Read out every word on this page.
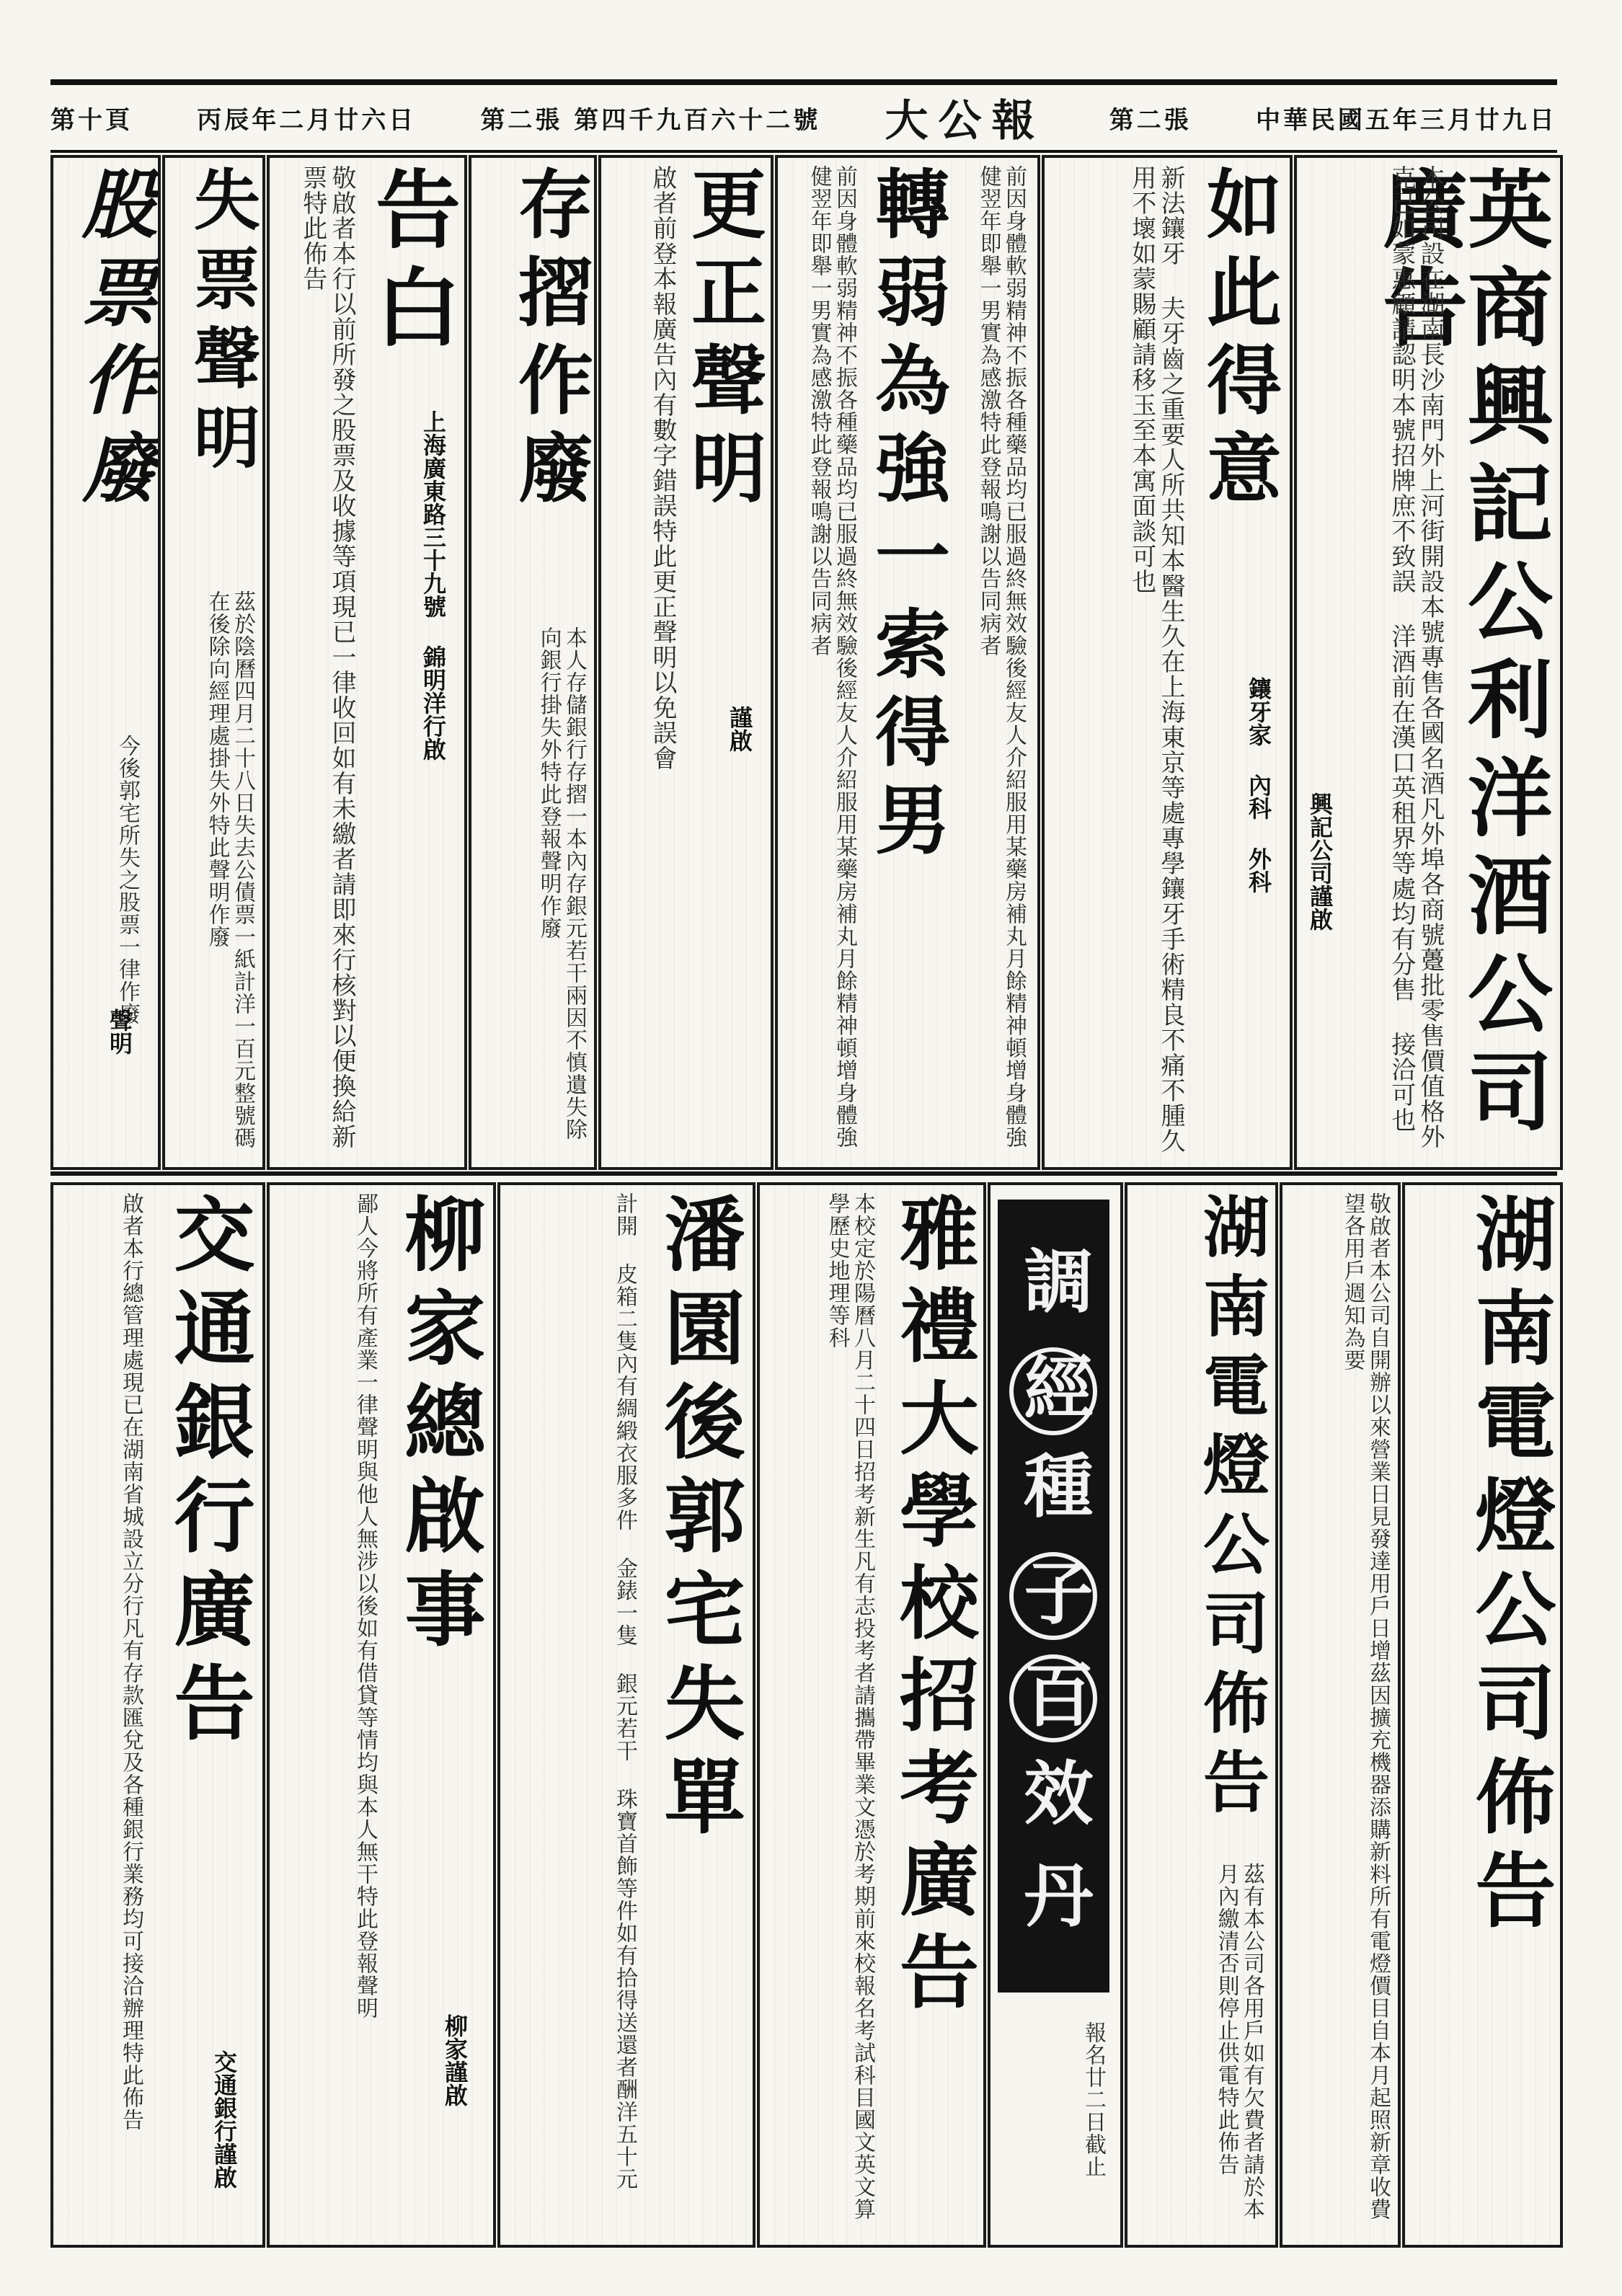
中華民國五年三月廿九日
第二張
大公報
第二張 第四千九百六十二號
丙辰年二月廿六日
第十頁
英商興記公利洋酒公司廣告
本公司設在湖南長沙南門外上河街開設本號專售各國名酒凡外埠各商號躉批零售價值格外克己如蒙惠顧請認明本號招牌庶不致誤 洋酒前在漢口英租界等處均有分售 接洽可也
興記公司謹啟
如此得意
新法鑲牙 夫牙齒之重要人所共知本醫生久在上海東京等處專學鑲牙手術精良不痛不腫久用不壞如蒙賜顧請移玉至本寓面談可也
鑲牙家 內科 外科
轉弱為強一索得男	前因身體軟弱精神不振各種藥品均已服過終無效驗後經友人介紹服用某藥房補丸月餘精神頓增身體強健翌年即舉一男實為感激特此登報鳴謝以告同病者
前因身體軟弱精神不振各種藥品均已服過終無效驗後經友人介紹服用某藥房補丸月餘精神頓增身體強健翌年即舉一男實為感激特此登報鳴謝以告同病者
更正聲明
啟者前登本報廣告內有數字錯誤特此更正聲明以免誤會 謹啟
存摺作廢
本人存儲銀行存摺一本內存銀元若干兩因不慎遺失除向銀行掛失外特此登報聲明作廢
告白
敬啟者本行以前所發之股票及收據等項現已一律收回如有未繳者請即來行核對以便換給新票特此佈告
上海廣東路三十九號 錦明洋行啟
失票聲明
茲於陰曆四月二十八日失去公債票一紙計洋一百元整號碼在後除向經理處掛失外特此聲明作廢
股票作廢
今後郭宅所失之股票一律作廢
聲明
湖南電燈公司佈告
敬啟者本公司自開辦以來營業日見發達用戶日增茲因擴充機器添購新料所有電燈價目自本月起照新章收費望各用戶週知為要
湖南電燈公司佈告
茲有本公司各用戶如有欠費者請於本月內繳清否則停止供電特此佈告
調經種子百效丹
報名廿二日截止
雅禮大學校招考廣告
本校定於陽曆八月二十四日招考新生凡有志投考者請攜帶畢業文憑於考期前來校報名考試科目國文英文算學歷史地理等科
潘園後郭宅失單
計開 皮箱二隻內有綢緞衣服多件 金錶一隻 銀元若干 珠寶首飾等件如有拾得送還者酬洋五十元
柳家總啟事
鄙人今將所有產業一律聲明與他人無涉以後如有借貸等情均與本人無干特此登報聲明
柳家謹啟
交通銀行廣告
啟者本行總管理處現已在湖南省城設立分行凡有存款匯兌及各種銀行業務均可接洽辦理特此佈告	交通銀行謹啟
